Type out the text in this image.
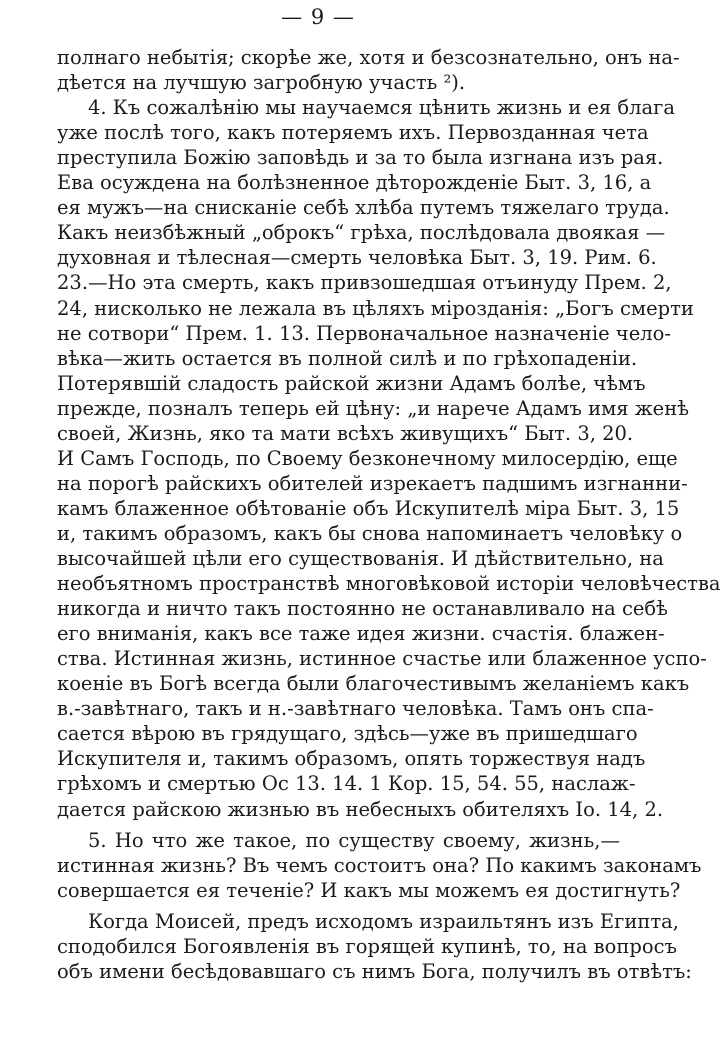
— 9 —
полнаго небытія; скорѣе же, хотя и безсознательно, онъ на-
дѣется на лучшую загробную участь ²).
4. Къ сожалѣнію мы научаемся цѣнить жизнь и ея блага
уже послѣ того, какъ потеряемъ ихъ. Первозданная чета
преступила Божію заповѣдь и за то была изгнана изъ рая.
Ева осуждена на болѣзненное дѣторожденіе Быт. 3, 16, а
ея мужъ—на снисканіе себѣ хлѣба путемъ тяжелаго труда.
Какъ неизбѣжный „оброкъ“ грѣха, послѣдовала двоякая —
духовная и тѣлесная—смерть человѣка Быт. 3, 19. Рим. 6.
23.—Но эта смерть, какъ привзошедшая отъинуду Прем. 2,
24, нисколько не лежала въ цѣляхъ мірозданія: „Богъ смерти
не сотвори“ Прем. 1. 13. Первоначальное назначеніе чело-
вѣка—жить остается въ полной силѣ и по грѣхопаденіи.
Потерявшій сладость райской жизни Адамъ болѣе, чѣмъ
прежде, позналъ теперь ей цѣну: „и нарече Адамъ имя женѣ
своей, Жизнь, яко та мати всѣхъ живущихъ“ Быт. 3, 20.
И Самъ Господь, по Своему безконечному милосердію, еще
на порогѣ райскихъ обителей изрекаетъ падшимъ изгнанни-
камъ блаженное обѣтованіе объ Искупителѣ міра Быт. 3, 15
и, такимъ образомъ, какъ бы снова напоминаетъ человѣку о
высочайшей цѣли его существованія. И дѣйствительно, на
необъятномъ пространствѣ многовѣковой исторіи человѣчества
никогда и ничто такъ постоянно не останавливало на себѣ
его вниманія, какъ все таже идея жизни. счастія. блажен-
ства. Истинная жизнь, истинное счастье или блаженное успо-
коеніе въ Богѣ всегда были благочестивымъ желаніемъ какъ
в.-завѣтнаго, такъ и н.-завѣтнаго человѣка. Тамъ онъ спа-
сается вѣрою въ грядущаго, здѣсь—уже въ пришедшаго
Искупителя и, такимъ образомъ, опять торжествуя надъ
грѣхомъ и смертью Ос 13. 14. 1 Кор. 15, 54. 55, наслаж-
дается райскою жизнью въ небесныхъ обителяхъ Іо. 14, 2.
5. Но что же такое, по существу своему, жизнь,—
истинная жизнь? Въ чемъ состоитъ она? По какимъ законамъ
совершается ея теченіе? И какъ мы можемъ ея достигнуть?
Когда Моисей, предъ исходомъ израильтянъ изъ Египта,
сподобился Богоявленія въ горящей купинѣ, то, на вопросъ
объ имени бесѣдовавшаго съ нимъ Бога, получилъ въ отвѣтъ:
